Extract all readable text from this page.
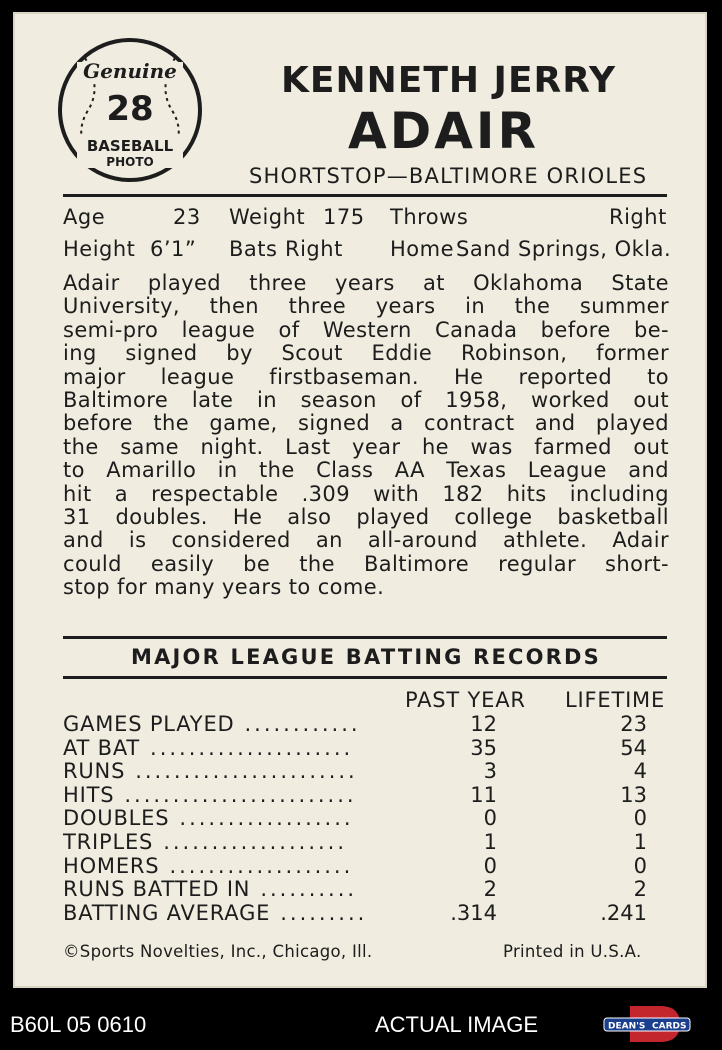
Genuine
28
BASEBALL
PHOTO
KENNETH JERRY
ADAIR
SHORTSTOP—BALTIMORE ORIOLES
Age	23 Weight 175 Throws	Right
Height 6’1” Bats Right Home Sand Springs, Okla.
Adair played three years at Oklahoma State
University, then three years in the summer
semi-pro league of Western Canada before be-
ing signed by Scout Eddie Robinson, former
major league firstbaseman. He reported to
Baltimore late in season of 1958, worked out
before the game, signed a contract and played
the same night. Last year he was farmed out
to Amarillo in the Class AA Texas League and
hit a respectable .309 with 182 hits including
31 doubles. He also played college basketball
and is considered an all-around athlete. Adair
could easily be the Baltimore regular short-
stop for many years to come.
MAJOR LEAGUE BATTING RECORDS
PAST YEAR LIFETIME
©Sports Novelties, Inc., Chicago, Ill.	Printed in U.S.A.
GAMES PLAYED ............	12	23
AT BAT .....................	35	54
RUNS .......................	3	4
HITS ........................	11	13
DOUBLES ..................	0	0
TRIPLES ...................	1	1
HOMERS ...................	0	0
RUNS BATTED IN ..........	2	2
BATTING AVERAGE .........	.314	.241
B60L 05 0610	ACTUAL IMAGE	DEAN'S CARDS
